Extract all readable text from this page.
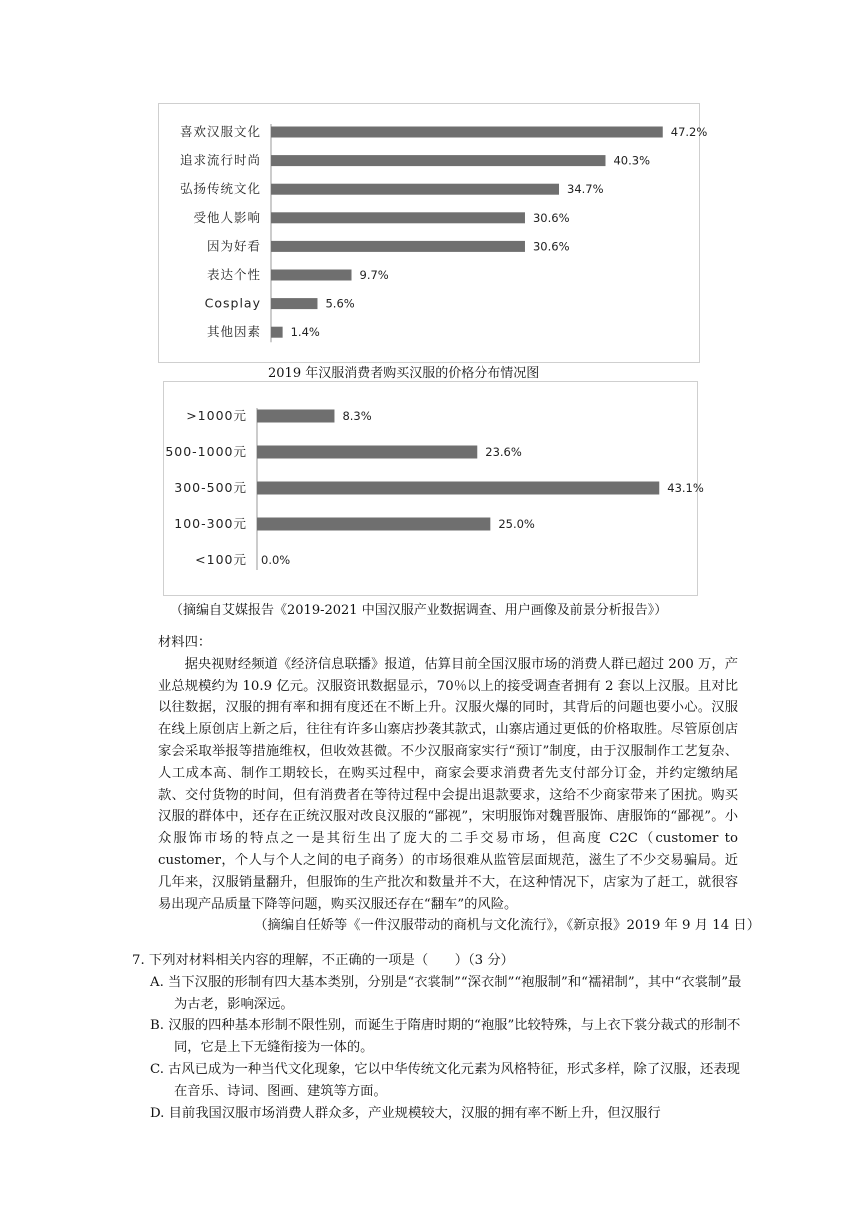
喜欢汉服文化	47.2%
追求流行时尚	40.3%
弘扬传统文化	34.7%
受他人影响	30.6%
因为好看	30.6%
表达个性	9.7%
Cosplay	5.6%
其他因素	1.4%
2019 年汉服消费者购买汉服的价格分布情况图
>1000元	8.3%
500-1000元	23.6%
300-500元	43.1%
100-300元	25.0%
<100元 0.0%
（摘编自艾媒报告《2019-2021 中国汉服产业数据调查、用户画像及前景分析报告》）

材料四：

据央视财经频道《经济信息联播》报道，估算目前全国汉服市场的消费人群已超过 200 万，产业总规模约为 10.9 亿元。汉服资讯数据显示，70％以上的接受调查者拥有 2 套以上汉服。且对比以往数据，汉服的拥有率和拥有度还在不断上升。汉服火爆的同时，其背后的问题也要小心。汉服在线上原创店上新之后，往往有许多山寨店抄袭其款式，山寨店通过更低的价格取胜。尽管原创店家会采取举报等措施维权，但收效甚微。不少汉服商家实行“预订”制度，由于汉服制作工艺复杂、人工成本高、制作工期较长，在购买过程中，商家会要求消费者先支付部分订金，并约定缴纳尾款、交付货物的时间，但有消费者在等待过程中会提出退款要求，这给不少商家带来了困扰。购买汉服的群体中，还存在正统汉服对改良汉服的“鄙视”，宋明服饰对魏晋服饰、唐服饰的“鄙视”。小众服饰市场的特点之一是其衍生出了庞大的二手交易市场，但高度 C2C（customer to customer，个人与个人之间的电子商务）的市场很难从监管层面规范，滋生了不少交易骗局。近几年来，汉服销量翻升，但服饰的生产批次和数量并不大，在这种情况下，店家为了赶工，就很容易出现产品质量下降等问题，购买汉服还存在“翻车”的风险。

（摘编自任娇等《一件汉服带动的商机与文化流行》，《新京报》2019 年 9 月 14 日）

7. 下列对材料相关内容的理解，不正确的一项是（　　）（3 分）

A. 当下汉服的形制有四大基本类别，分别是“衣裳制”“深衣制”“袍服制”和“襦裙制”，其中“衣裳制”最为古老，影响深远。

B. 汉服的四种基本形制不限性别，而诞生于隋唐时期的“袍服”比较特殊，与上衣下裳分裁式的形制不同，它是上下无缝衔接为一体的。

C. 古风已成为一种当代文化现象，它以中华传统文化元素为风格特征，形式多样，除了汉服，还表现在音乐、诗词、图画、建筑等方面。

D. 目前我国汉服市场消费人群众多，产业规模较大，汉服的拥有率不断上升，但汉服行
